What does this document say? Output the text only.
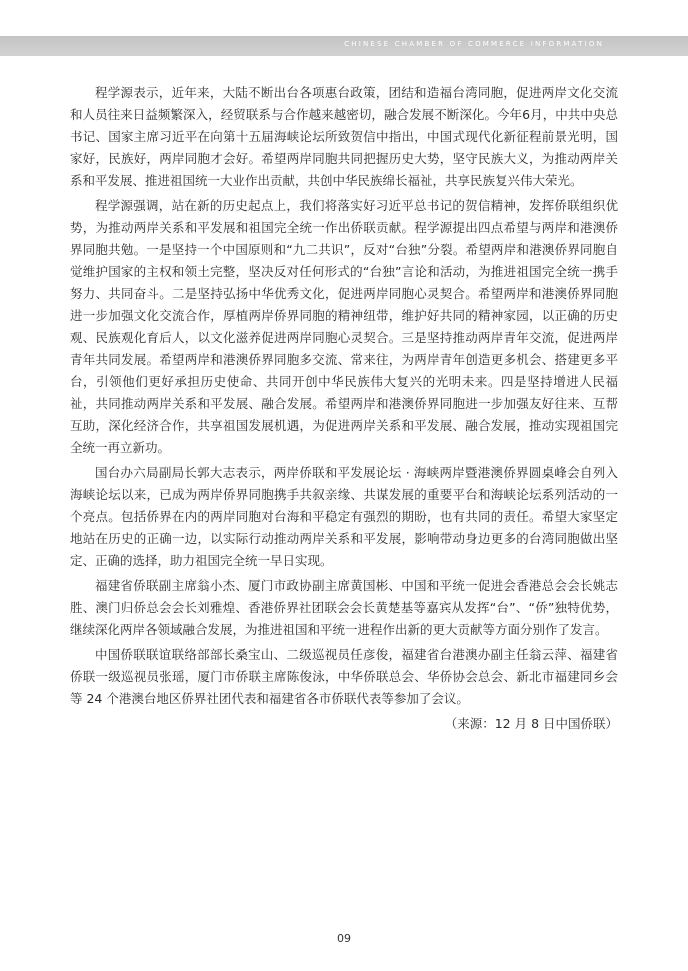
CHINESE CHAMBER OF COMMERCE INFORMATION

程学源表示，近年来，大陆不断出台各项惠台政策，团结和造福台湾同胞，促进两岸文化交流和人员往来日益频繁深入，经贸联系与合作越来越密切，融合发展不断深化。今年6月，中共中央总书记、国家主席习近平在向第十五届海峡论坛所致贺信中指出，中国式现代化新征程前景光明，国家好，民族好，两岸同胞才会好。希望两岸同胞共同把握历史大势，坚守民族大义，为推动两岸关系和平发展、推进祖国统一大业作出贡献，共创中华民族绵长福祉，共享民族复兴伟大荣光。

程学源强调，站在新的历史起点上，我们将落实好习近平总书记的贺信精神，发挥侨联组织优势，为推动两岸关系和平发展和祖国完全统一作出侨联贡献。程学源提出四点希望与两岸和港澳侨界同胞共勉。一是坚持一个中国原则和“九二共识”，反对“台独”分裂。希望两岸和港澳侨界同胞自觉维护国家的主权和领土完整，坚决反对任何形式的“台独”言论和活动，为推进祖国完全统一携手努力、共同奋斗。二是坚持弘扬中华优秀文化，促进两岸同胞心灵契合。希望两岸和港澳侨界同胞进一步加强文化交流合作，厚植两岸侨界同胞的精神纽带，维护好共同的精神家园，以正确的历史观、民族观化育后人，以文化滋养促进两岸同胞心灵契合。三是坚持推动两岸青年交流，促进两岸青年共同发展。希望两岸和港澳侨界同胞多交流、常来往，为两岸青年创造更多机会、搭建更多平台，引领他们更好承担历史使命、共同开创中华民族伟大复兴的光明未来。四是坚持增进人民福祉，共同推动两岸关系和平发展、融合发展。希望两岸和港澳侨界同胞进一步加强友好往来、互帮互助，深化经济合作，共享祖国发展机遇，为促进两岸关系和平发展、融合发展，推动实现祖国完全统一再立新功。

国台办六局副局长郭大志表示，两岸侨联和平发展论坛 · 海峡两岸暨港澳侨界圆桌峰会自列入海峡论坛以来，已成为两岸侨界同胞携手共叙亲缘、共谋发展的重要平台和海峡论坛系列活动的一个亮点。包括侨界在内的两岸同胞对台海和平稳定有强烈的期盼，也有共同的责任。希望大家坚定地站在历史的正确一边，以实际行动推动两岸关系和平发展，影响带动身边更多的台湾同胞做出坚定、正确的选择，助力祖国完全统一早日实现。

福建省侨联副主席翁小杰、厦门市政协副主席黄国彬、中国和平统一促进会香港总会会长姚志胜、澳门归侨总会会长刘雅煌、香港侨界社团联会会长黄楚基等嘉宾从发挥“台”、“侨”独特优势，继续深化两岸各领域融合发展，为推进祖国和平统一进程作出新的更大贡献等方面分别作了发言。

中国侨联联谊联络部部长桑宝山、二级巡视员任彦俊，福建省台港澳办副主任翁云萍、福建省侨联一级巡视员张瑶，厦门市侨联主席陈俊泳，中华侨联总会、华侨协会总会、新北市福建同乡会等 24 个港澳台地区侨界社团代表和福建省各市侨联代表等参加了会议。

（来源：12 月 8 日中国侨联）

09
